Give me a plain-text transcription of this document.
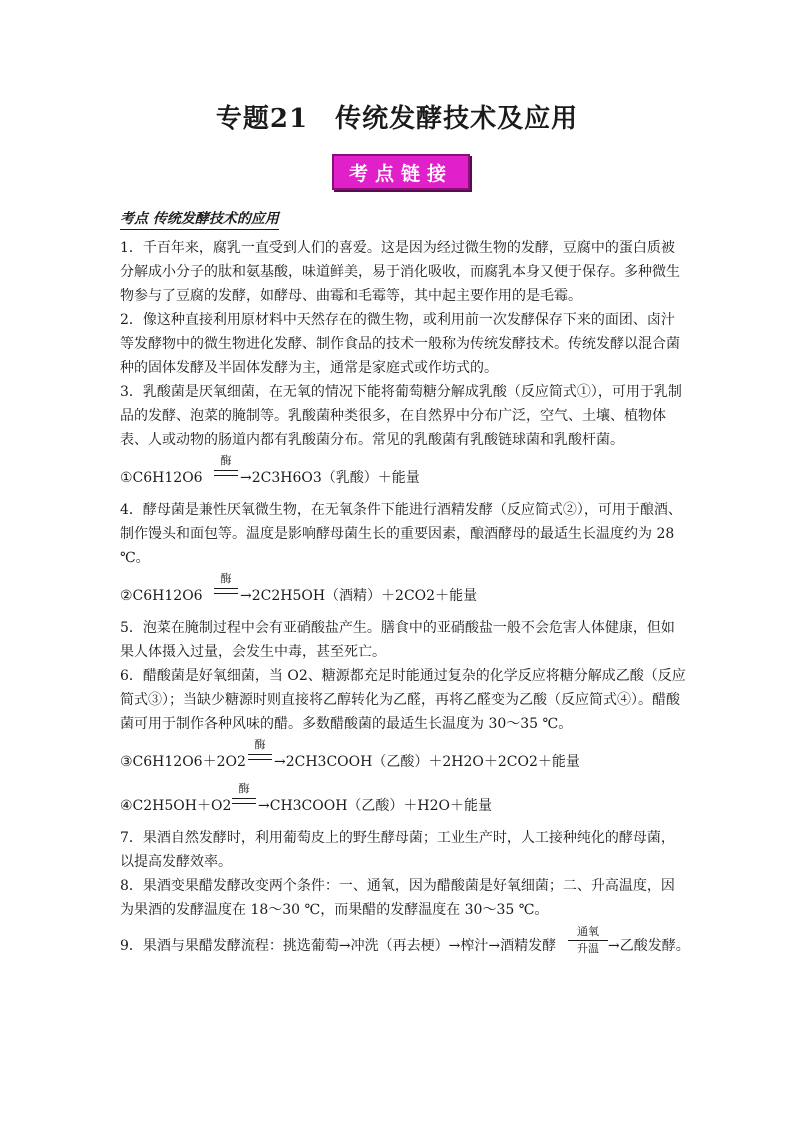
专题21　传统发酵技术及应用
考点链接
考点 传统发酵技术的应用

1．千百年来，腐乳一直受到人们的喜爱。这是因为经过微生物的发酵，豆腐中的蛋白质被分解成小分子的肽和氨基酸，味道鲜美，易于消化吸收，而腐乳本身又便于保存。多种微生物参与了豆腐的发酵，如酵母、曲霉和毛霉等，其中起主要作用的是毛霉。

2．像这种直接利用原材料中天然存在的微生物，或利用前一次发酵保存下来的面团、卤汁等发酵物中的微生物进化发酵、制作食品的技术一般称为传统发酵技术。传统发酵以混合菌种的固体发酵及半固体发酵为主，通常是家庭式或作坊式的。

3．乳酸菌是厌氧细菌，在无氧的情况下能将葡萄糖分解成乳酸（反应简式①），可用于乳制品的发酵、泡菜的腌制等。乳酸菌种类很多，在自然界中分布广泛，空气、土壤、植物体表、人或动物的肠道内都有乳酸菌分布。常见的乳酸菌有乳酸链球菌和乳酸杆菌。

①C6H12O6
酶
→2C3H6O3（乳酸）＋能量

4．酵母菌是兼性厌氧微生物，在无氧条件下能进行酒精发酵（反应简式②），可用于酿酒、制作馒头和面包等。温度是影响酵母菌生长的重要因素，酿酒酵母的最适生长温度约为 28 ℃。

②C6H12O6
酶
→2C2H5OH（酒精）＋2CO2＋能量

5．泡菜在腌制过程中会有亚硝酸盐产生。膳食中的亚硝酸盐一般不会危害人体健康，但如果人体摄入过量，会发生中毒，甚至死亡。

6．醋酸菌是好氧细菌，当 O2、糖源都充足时能通过复杂的化学反应将糖分解成乙酸（反应简式③）；当缺少糖源时则直接将乙醇转化为乙醛，再将乙醛变为乙酸（反应简式④）。醋酸菌可用于制作各种风味的醋。多数醋酸菌的最适生长温度为 30～35 ℃。

③C6H12O6＋2O2
酶
→2CH3COOH（乙酸）＋2H2O＋2CO2＋能量
④C2H5OH＋O2
酶
→CH3COOH（乙酸）＋H2O＋能量

7．果酒自然发酵时，利用葡萄皮上的野生酵母菌；工业生产时，人工接种纯化的酵母菌，以提高发酵效率。

8．果酒变果醋发酵改变两个条件：一、通氧，因为醋酸菌是好氧细菌；二、升高温度，因为果酒的发酵温度在 18～30 ℃，而果醋的发酵温度在 30～35 ℃。

9．果酒与果醋发酵流程：挑选葡萄→冲洗（再去梗）→榨汁→酒精发酵
通氧
升温 →乙酸发酵。
